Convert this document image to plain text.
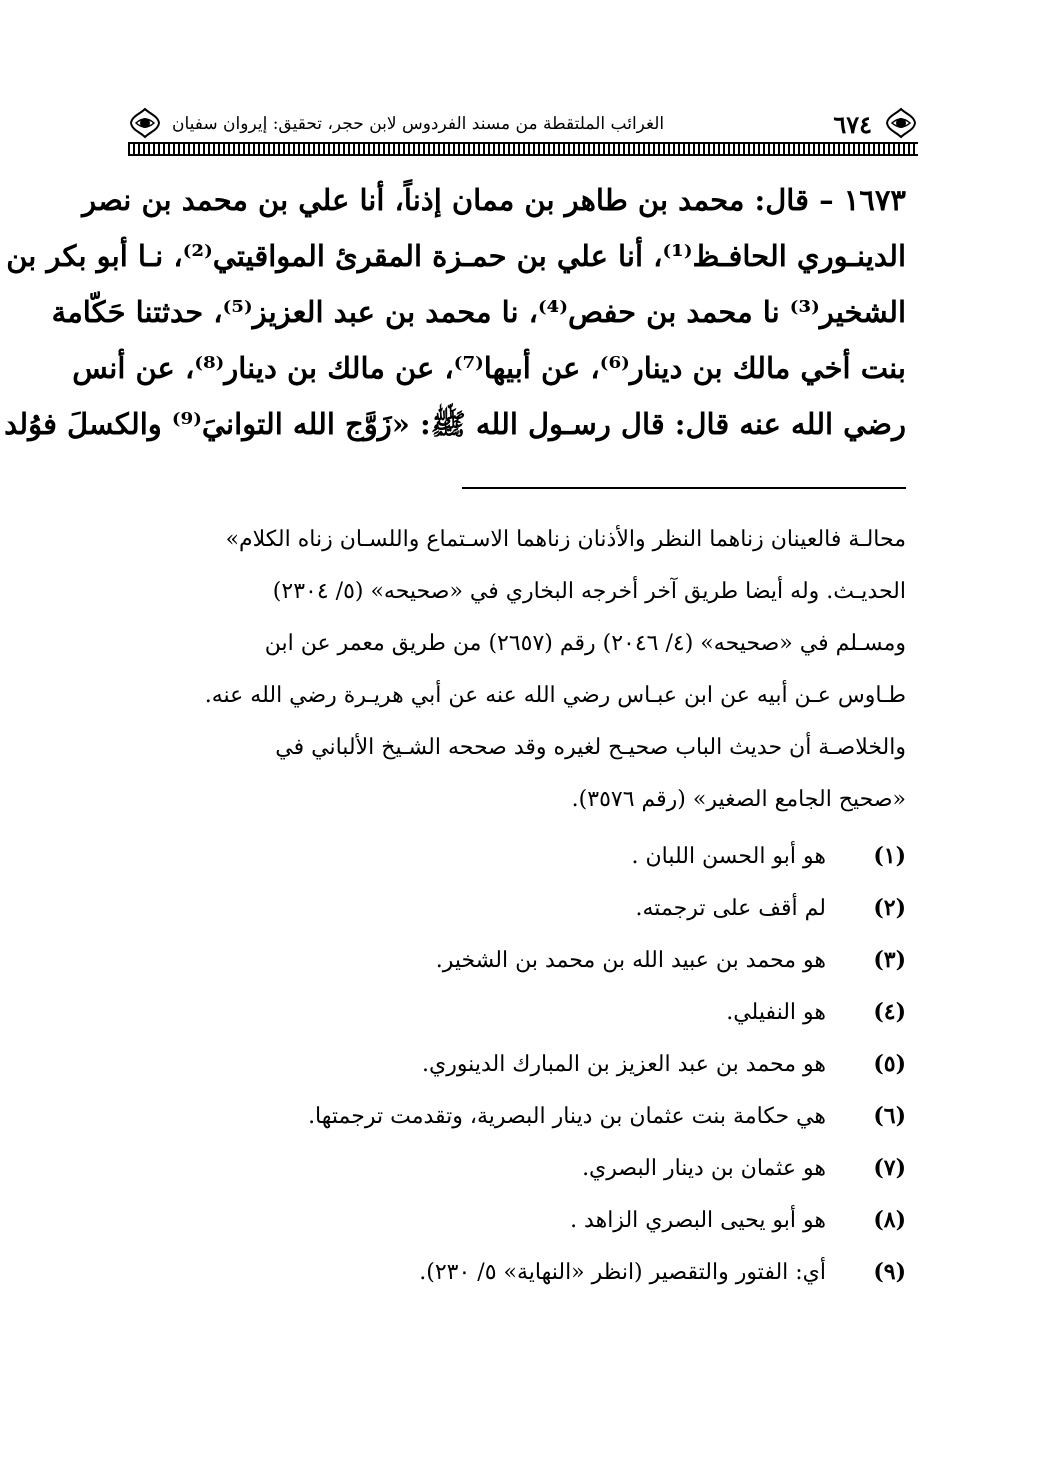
٦٧٤
الغرائب الملتقطة من مسند الفردوس لابن حجر، تحقيق: إيروان سفيان
١٦٧٣ – قال: محمد بن طاهر بن ممان إذناً، أنا علي بن محمد بن نصر
الدينـوري الحافـظ⁽¹⁾، أنا علي بن حمـزة المقرئ المواقيتي⁽²⁾، نـا أبو بكر بن
الشخير⁽³⁾ نا محمد بن حفص⁽⁴⁾، نا محمد بن عبد العزيز⁽⁵⁾، حدثتنا حَكّامة
بنت أخي مالك بن دينار⁽⁶⁾، عن أبيها⁽⁷⁾، عن مالك بن دينار⁽⁸⁾، عن أنس
رضي الله عنه قال: قال رسـول الله ﷺ: «زَوَّج الله التوانيَ⁽⁹⁾ والكسلَ فوُلد
محالـة فالعينان زناهما النظر والأذنان زناهما الاسـتماع واللسـان زناه الكلام»
الحديـث. وله أيضا طريق آخر أخرجه البخاري في «صحيحه» (٥/ ٢٣٠٤)
ومسـلم في «صحيحه» (٤/ ٢٠٤٦) رقم (٢٦٥٧) من طريق معمر عن ابن
طـاوس عـن أبيه عن ابن عبـاس رضي الله عنه عن أبي هريـرة رضي الله عنه.
والخلاصـة أن حديث الباب صحيـح لغيره وقد صححه الشـيخ الألباني في
«صحيح الجامع الصغير» (رقم ٣٥٧٦).
(١)
هو أبو الحسن اللبان .
(٢)
لم أقف على ترجمته.
(٣)
هو محمد بن عبيد الله بن محمد بن الشخير.
(٤)
هو النفيلي.
(٥)
هو محمد بن عبد العزيز بن المبارك الدينوري.
(٦)
هي حكامة بنت عثمان بن دينار البصرية، وتقدمت ترجمتها.
(٧)
هو عثمان بن دينار البصري.
(٨)
هو أبو يحيى البصري الزاهد .
(٩)
أي: الفتور والتقصير (انظر «النهاية» ٥/ ٢٣٠).
